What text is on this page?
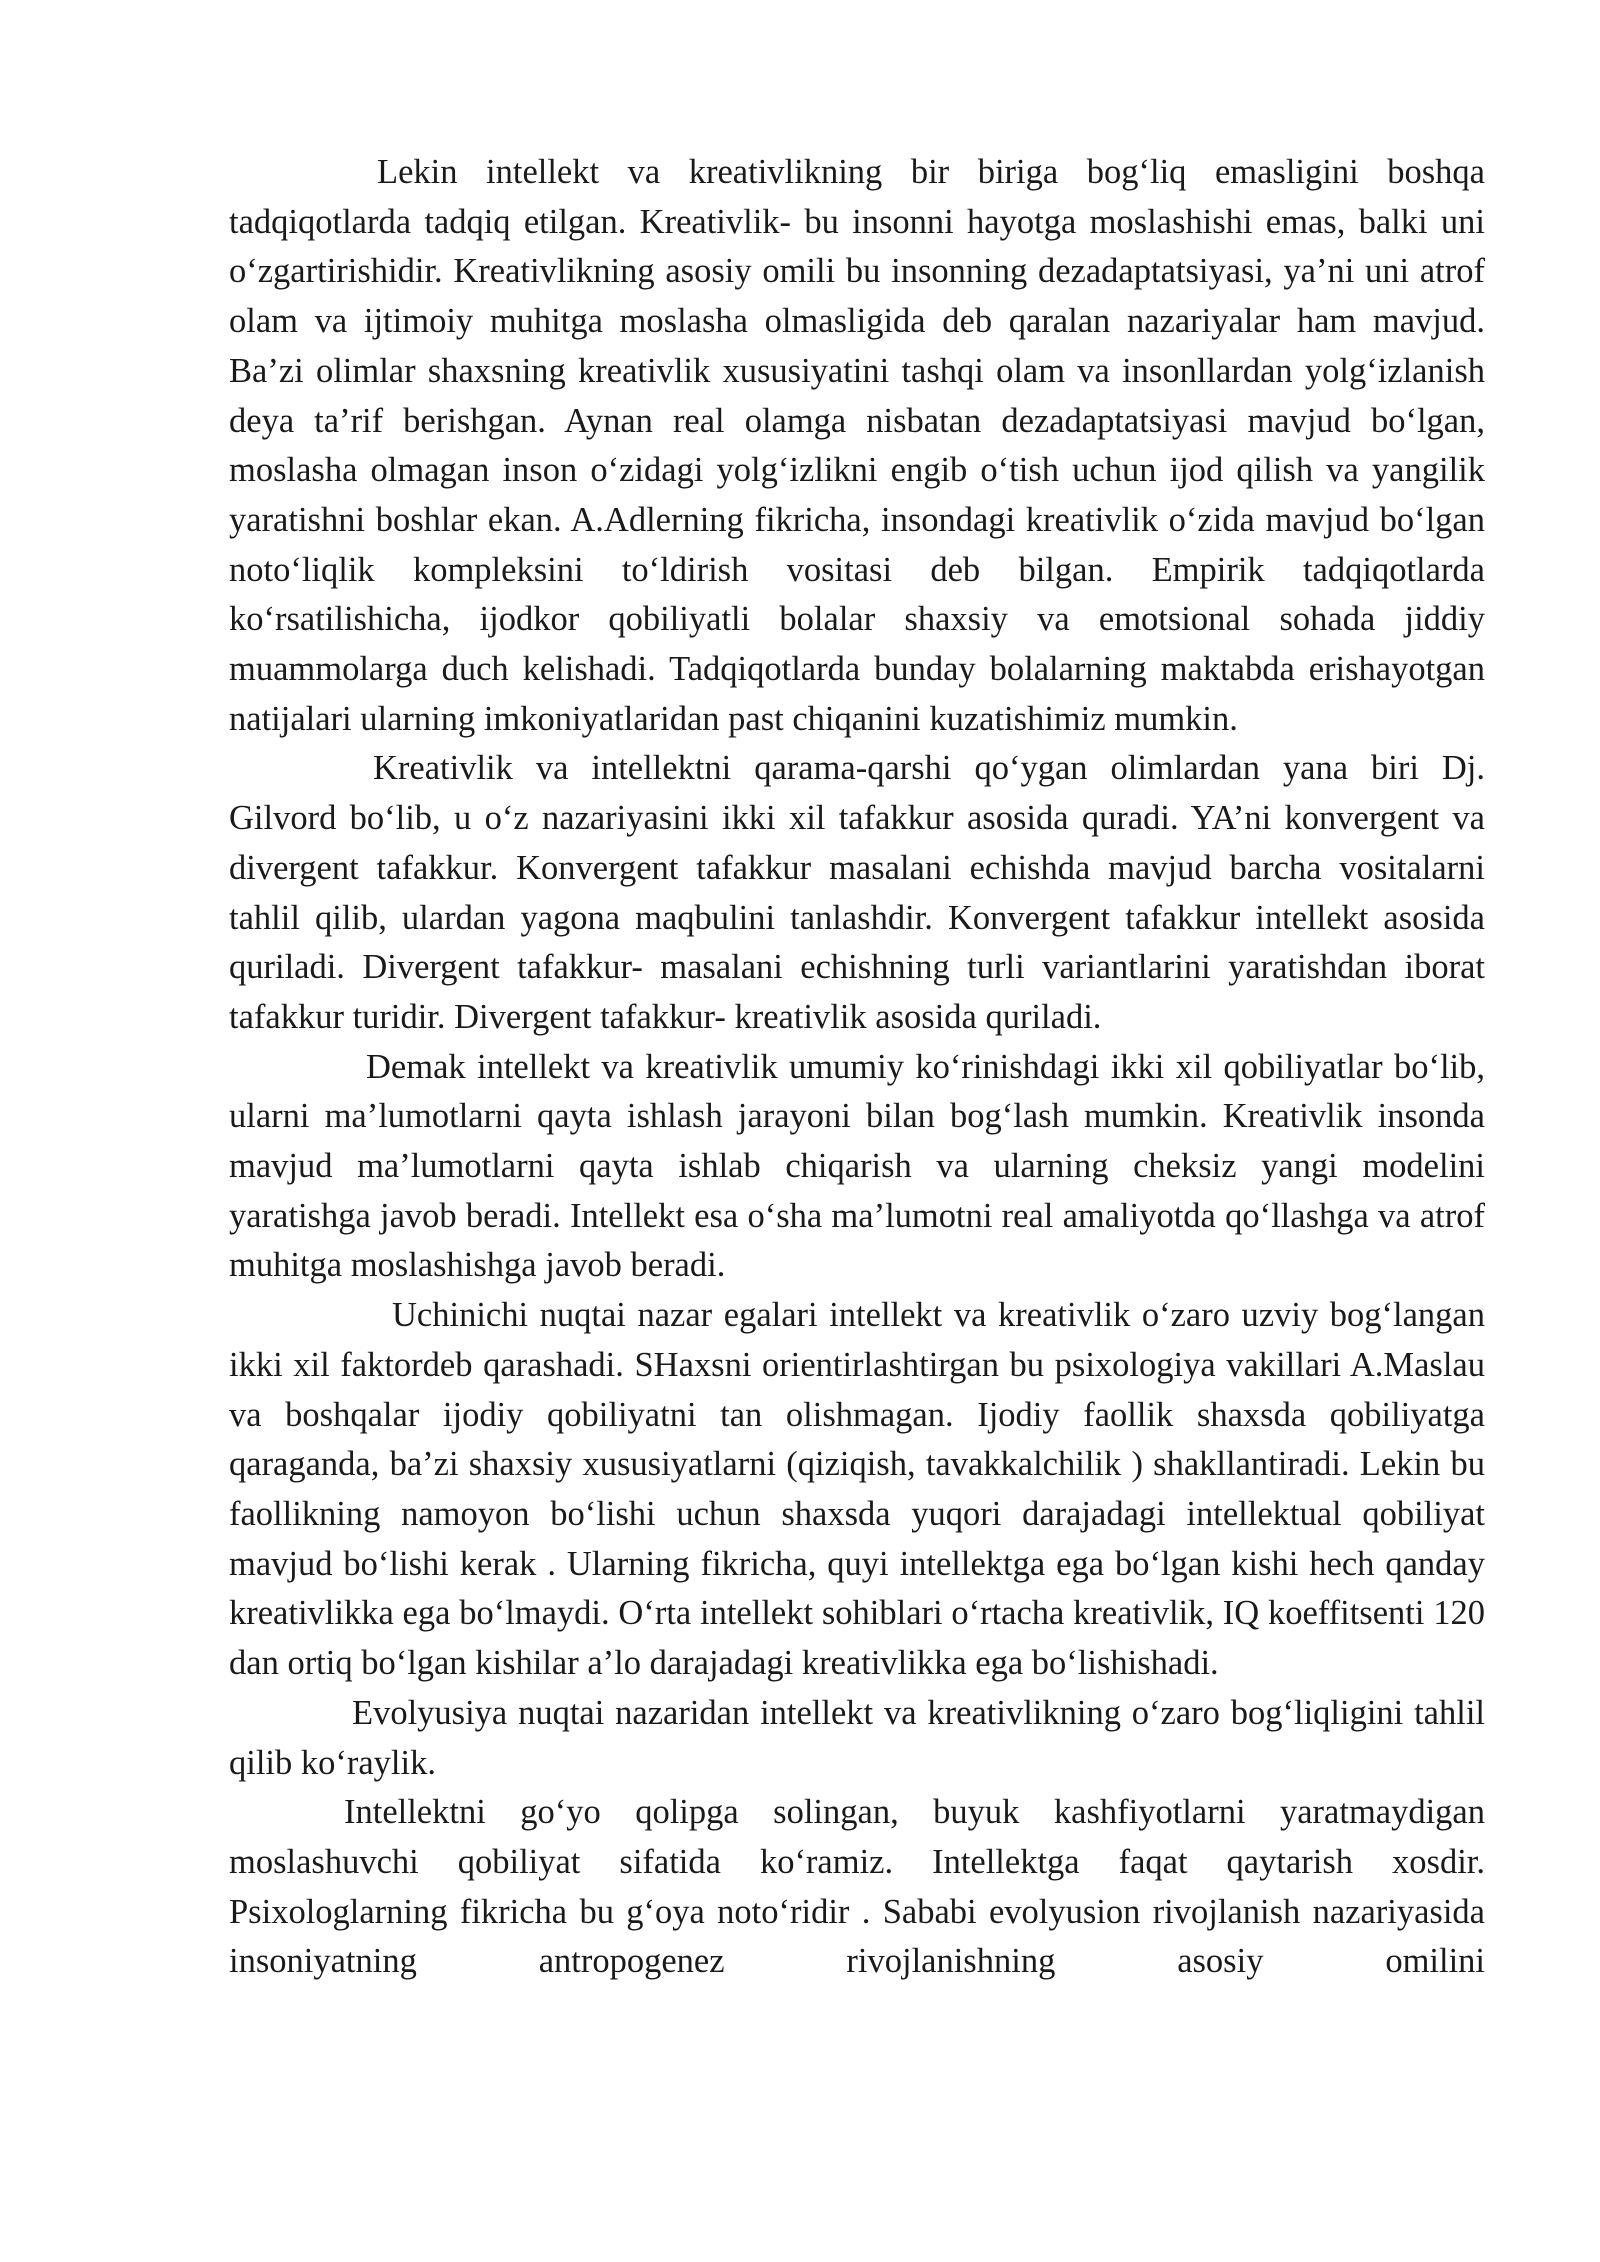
Lekin intellekt va kreativlikning bir biriga bog‘liq emasligini boshqa tadqiqotlarda tadqiq etilgan. Kreativlik- bu insonni hayotga moslashishi emas, balki uni o‘zgartirishidir. Kreativlikning asosiy omili bu insonning dezadaptatsiyasi, ya’ni uni atrof olam va ijtimoiy muhitga moslasha olmasligida deb qaralan nazariyalar ham mavjud. Ba’zi olimlar shaxsning kreativlik xususiyatini tashqi olam va insonllardan yolg‘izlanish deya ta’rif berishgan. Aynan real olamga nisbatan dezadaptatsiyasi mavjud bo‘lgan, moslasha olmagan inson o‘zidagi yolg‘izlikni engib o‘tish uchun ijod qilish va yangilik yaratishni boshlar ekan. A.Adlerning fikricha, insondagi kreativlik o‘zida mavjud bo‘lgan noto‘liqlik kompleksini to‘ldirish vositasi deb bilgan. Empirik tadqiqotlarda ko‘rsatilishicha, ijodkor qobiliyatli bolalar shaxsiy va emotsional sohada jiddiy muammolarga duch kelishadi. Tadqiqotlarda bunday bolalarning maktabda erishayotgan natijalari ularning imkoniyatlaridan past chiqanini kuzatishimiz mumkin.

Kreativlik va intellektni qarama-qarshi qo‘ygan olimlardan yana biri Dj. Gilvord bo‘lib, u o‘z nazariyasini ikki xil tafakkur asosida quradi. YA’ni konvergent va divergent tafakkur. Konvergent tafakkur masalani echishda mavjud barcha vositalarni tahlil qilib, ulardan yagona maqbulini tanlashdir. Konvergent tafakkur intellekt asosida quriladi. Divergent tafakkur- masalani echishning turli variantlarini yaratishdan iborat tafakkur turidir. Divergent tafakkur- kreativlik asosida quriladi.

Demak intellekt va kreativlik umumiy ko‘rinishdagi ikki xil qobiliyatlar bo‘lib, ularni ma’lumotlarni qayta ishlash jarayoni bilan bog‘lash mumkin. Kreativlik insonda mavjud ma’lumotlarni qayta ishlab chiqarish va ularning cheksiz yangi modelini yaratishga javob beradi. Intellekt esa o‘sha ma’lumotni real amaliyotda qo‘llashga va atrof muhitga moslashishga javob beradi.

Uchinichi nuqtai nazar egalari intellekt va kreativlik o‘zaro uzviy bog‘langan ikki xil faktordeb qarashadi. SHaxsni orientirlashtirgan bu psixologiya vakillari A.Maslau va boshqalar ijodiy qobiliyatni tan olishmagan. Ijodiy faollik shaxsda qobiliyatga qaraganda, ba’zi shaxsiy xususiyatlarni (qiziqish, tavakkalchilik ) shakllantiradi. Lekin bu faollikning namoyon bo‘lishi uchun shaxsda yuqori darajadagi intellektual qobiliyat mavjud bo‘lishi kerak . Ularning fikricha, quyi intellektga ega bo‘lgan kishi hech qanday kreativlikka ega bo‘lmaydi. O‘rta intellekt sohiblari o‘rtacha kreativlik, IQ koeffitsenti 120 dan ortiq bo‘lgan kishilar a’lo darajadagi kreativlikka ega bo‘lishishadi.

Evolyusiya nuqtai nazaridan intellekt va kreativlikning o‘zaro bog‘liqligini tahlil qilib ko‘raylik.

Intellektni go‘yo qolipga solingan, buyuk kashfiyotlarni yaratmaydigan moslashuvchi qobiliyat sifatida ko‘ramiz. Intellektga faqat qaytarish xosdir. Psixologlarning fikricha bu g‘oya noto‘ridir . Sababi evolyusion rivojlanish nazariyasida insoniyatning antropogenez rivojlanishning asosiy omilini
